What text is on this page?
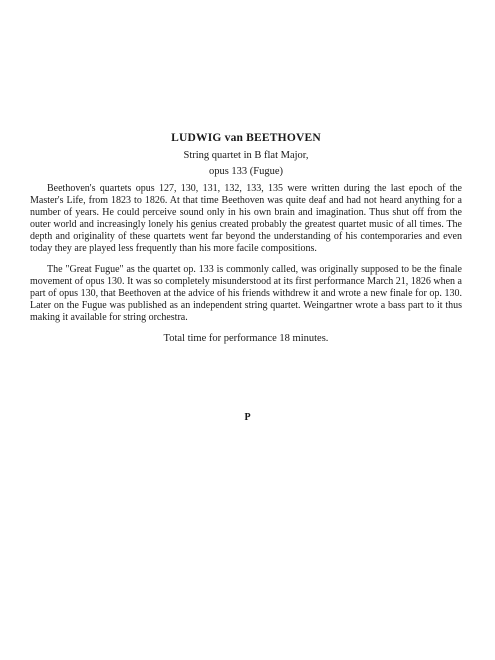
LUDWIG van BEETHOVEN
String quartet in B flat Major,
opus 133 (Fugue)

Beethoven's quartets opus 127, 130, 131, 132, 133, 135 were written during the last epoch of the Master's Life, from 1823 to 1826. At that time Beethoven was quite deaf and had not heard anything for a number of years. He could perceive sound only in his own brain and imagination. Thus shut off from the outer world and increasingly lonely his genius created probably the greatest quartet music of all times. The depth and originality of these quartets went far beyond the understanding of his contemporaries and even today they are played less frequently than his more facile compositions.

The "Great Fugue" as the quartet op. 133 is commonly called, was originally supposed to be the finale movement of opus 130. It was so completely misunderstood at its first performance March 21, 1826 when a part of opus 130, that Beethoven at the advice of his friends withdrew it and wrote a new finale for op. 130. Later on the Fugue was published as an independent string quartet. Weingartner wrote a bass part to it thus making it available for string orchestra.

Total time for performance 18 minutes.
P
